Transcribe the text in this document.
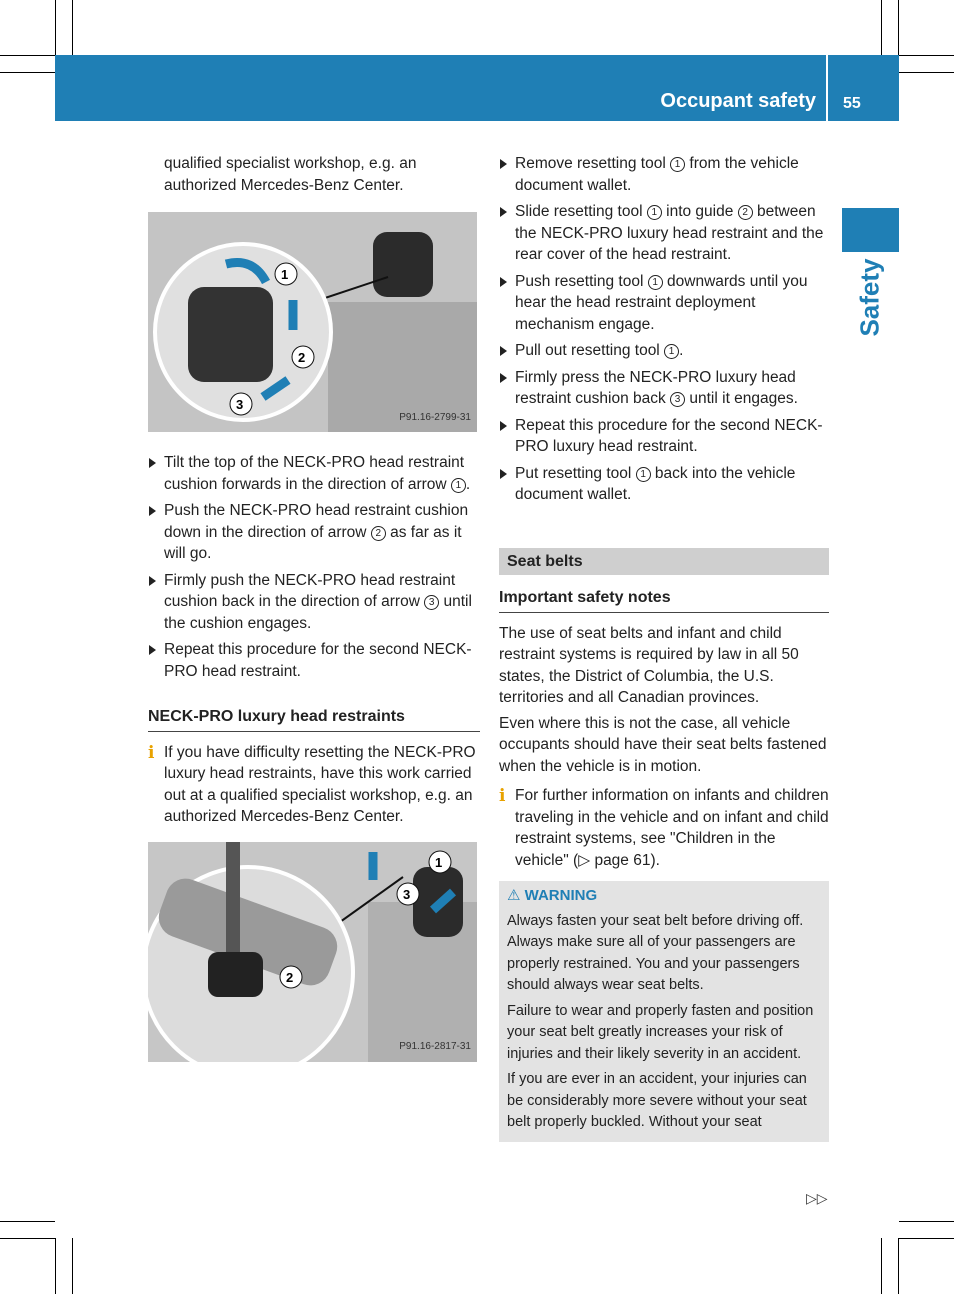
Occupant safety 55
Safety

qualified specialist workshop, e.g. an authorized Mercedes-Benz Center.

1
2
3
P91.16-2799-31
Tilt the top of the NECK-PRO head restraint cushion forwards in the direction of arrow 1 .
Push the NECK-PRO head restraint cushion down in the direction of arrow 2 as far as it will go.
Firmly push the NECK-PRO head restraint cushion back in the direction of arrow 3 until the cushion engages.
Repeat this procedure for the second NECK-PRO head restraint.
NECK-PRO luxury head restraints
i If you have difficulty resetting the NECK-PRO luxury head restraints, have this work carried out at a qualified specialist workshop, e.g. an authorized Mercedes-Benz Center.
1
3
2
P91.16-2817-31
Remove resetting tool 1 from the vehicle document wallet.
Slide resetting tool 1 into guide 2 between the NECK-PRO luxury head restraint and the rear cover of the head restraint.
Push resetting tool 1 downwards until you hear the head restraint deployment mechanism engage.
Pull out resetting tool 1 .
Firmly press the NECK-PRO luxury head restraint cushion back 3 until it engages.
Repeat this procedure for the second NECK-PRO luxury head restraint.
Put resetting tool 1 back into the vehicle document wallet.
Seat belts
Important safety notes

The use of seat belts and infant and child restraint systems is required by law in all 50 states, the District of Columbia, the U.S. territories and all Canadian provinces.

Even where this is not the case, all vehicle occupants should have their seat belts fastened when the vehicle is in motion.

i For further information on infants and children traveling in the vehicle and on infant and child restraint systems, see "Children in the vehicle" (▷ page 61).
⚠ WARNING

Always fasten your seat belt before driving off. Always make sure all of your passengers are properly restrained. You and your passengers should always wear seat belts.

Failure to wear and properly fasten and position your seat belt greatly increases your risk of injuries and their likely severity in an accident.

If you are ever in an accident, your injuries can be considerably more severe without your seat belt properly buckled. Without your seat

▷▷
